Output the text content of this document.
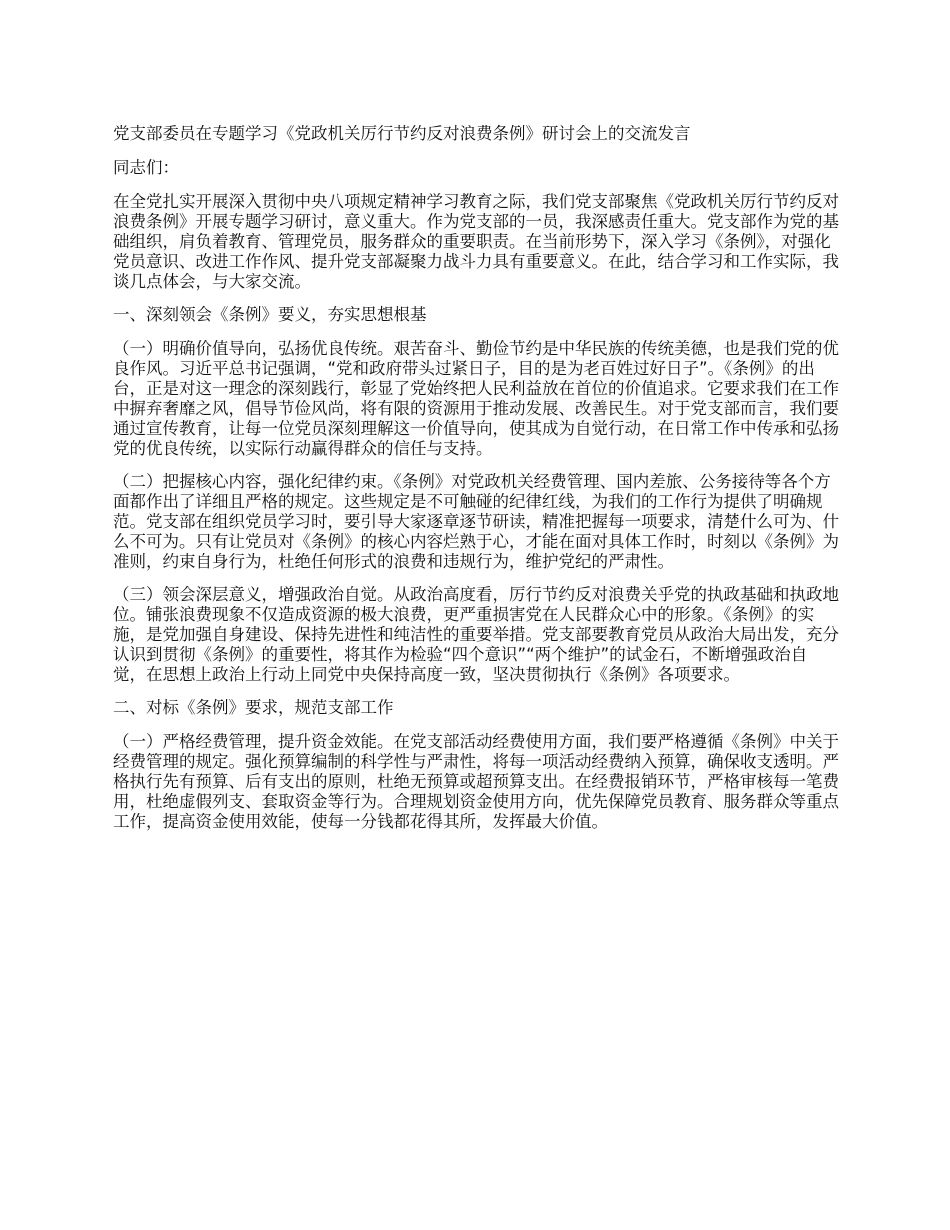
党支部委员在专题学习《党政机关厉行节约反对浪费条例》研讨会上的交流发言

同志们：

在全党扎实开展深入贯彻中央八项规定精神学习教育之际，我们党支部聚焦《党政机关厉行节约反对浪费条例》开展专题学习研讨，意义重大。作为党支部的一员，我深感责任重大。党支部作为党的基础组织，肩负着教育、管理党员，服务群众的重要职责。在当前形势下，深入学习《条例》，对强化党员意识、改进工作作风、提升党支部凝聚力战斗力具有重要意义。在此，结合学习和工作实际，我谈几点体会，与大家交流。

一、深刻领会《条例》要义，夯实思想根基

（一）明确价值导向，弘扬优良传统。艰苦奋斗、勤俭节约是中华民族的传统美德，也是我们党的优良作风。习近平总书记强调，“党和政府带头过紧日子，目的是为老百姓过好日子”。《条例》的出台，正是对这一理念的深刻践行，彰显了党始终把人民利益放在首位的价值追求。它要求我们在工作中摒弃奢靡之风，倡导节俭风尚，将有限的资源用于推动发展、改善民生。对于党支部而言，我们要通过宣传教育，让每一位党员深刻理解这一价值导向，使其成为自觉行动，在日常工作中传承和弘扬党的优良传统，以实际行动赢得群众的信任与支持。

（二）把握核心内容，强化纪律约束。《条例》对党政机关经费管理、国内差旅、公务接待等各个方面都作出了详细且严格的规定。这些规定是不可触碰的纪律红线，为我们的工作行为提供了明确规范。党支部在组织党员学习时，要引导大家逐章逐节研读，精准把握每一项要求，清楚什么可为、什么不可为。只有让党员对《条例》的核心内容烂熟于心，才能在面对具体工作时，时刻以《条例》为准则，约束自身行为，杜绝任何形式的浪费和违规行为，维护党纪的严肃性。

（三）领会深层意义，增强政治自觉。从政治高度看，厉行节约反对浪费关乎党的执政基础和执政地位。铺张浪费现象不仅造成资源的极大浪费，更严重损害党在人民群众心中的形象。《条例》的实施，是党加强自身建设、保持先进性和纯洁性的重要举措。党支部要教育党员从政治大局出发，充分认识到贯彻《条例》的重要性，将其作为检验“四个意识”“两个维护”的试金石，不断增强政治自觉，在思想上政治上行动上同党中央保持高度一致，坚决贯彻执行《条例》各项要求。

二、对标《条例》要求，规范支部工作

（一）严格经费管理，提升资金效能。在党支部活动经费使用方面，我们要严格遵循《条例》中关于经费管理的规定。强化预算编制的科学性与严肃性，将每一项活动经费纳入预算，确保收支透明。严格执行先有预算、后有支出的原则，杜绝无预算或超预算支出。在经费报销环节，严格审核每一笔费用，杜绝虚假列支、套取资金等行为。合理规划资金使用方向，优先保障党员教育、服务群众等重点工作，提高资金使用效能，使每一分钱都花得其所，发挥最大价值。
